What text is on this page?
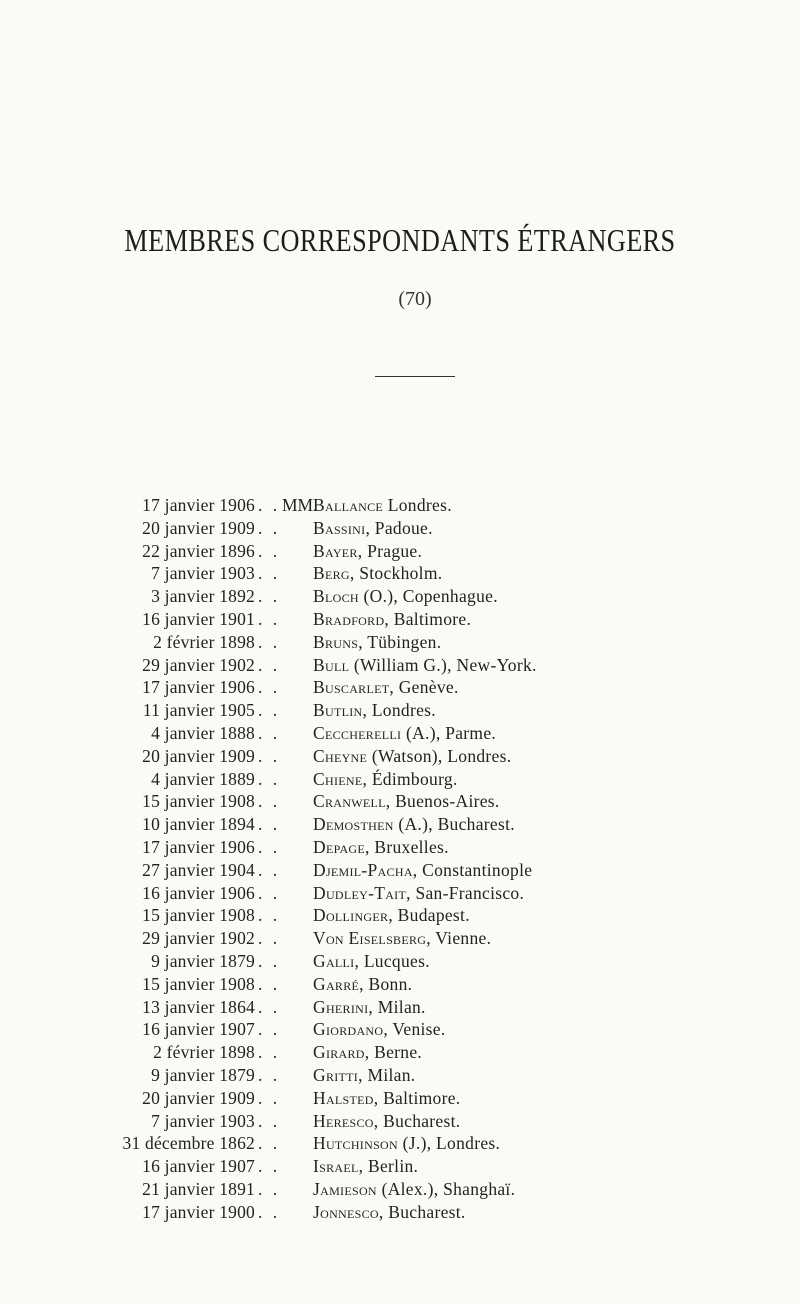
MEMBRES CORRESPONDANTS ÉTRANGERS
(70)
17 janvier 1906 . . MM.
Ballance Londres.
20 janvier 1909 . . Bassini, Padoue.
22 janvier 1896 . . Bayer, Prague.
7 janvier 1903 . . Berg, Stockholm.
3 janvier 1892 . . Bloch (O.), Copenhague.
16 janvier 1901 . . Bradford, Baltimore.
2 février 1898 . . Bruns, Tübingen.
29 janvier 1902 . . Bull (William G.), New-York.
17 janvier 1906 . . Buscarlet, Genève.
11 janvier 1905 . . Butlin, Londres.
4 janvier 1888 . . Ceccherelli (A.), Parme.
20 janvier 1909 . . Cheyne (Watson), Londres.
4 janvier 1889 . . Chiene, Édimbourg.
15 janvier 1908 . . Cranwell, Buenos-Aires.
10 janvier 1894 . . Demosthen (A.), Bucharest.
17 janvier 1906 . . Depage, Bruxelles.
27 janvier 1904 . . Djemil-Pacha, Constantinople
16 janvier 1906 . . Dudley-Tait, San-Francisco.
15 janvier 1908 . . Dollinger, Budapest.
29 janvier 1902 . . Von Eiselsberg, Vienne.
9 janvier 1879 . . Galli, Lucques.
15 janvier 1908 . . Garré, Bonn.
13 janvier 1864 . . Gherini, Milan.
16 janvier 1907 . . Giordano, Venise.
2 février 1898 . . Girard, Berne.
9 janvier 1879 . . Gritti, Milan.
20 janvier 1909 . . Halsted, Baltimore.
7 janvier 1903 . . Heresco, Bucharest.
31 décembre 1862 . . Hutchinson (J.), Londres.
16 janvier 1907 . . Israel, Berlin.
21 janvier 1891 . . Jamieson (Alex.), Shanghaï.
17 janvier 1900 . . Jonnesco, Bucharest.
